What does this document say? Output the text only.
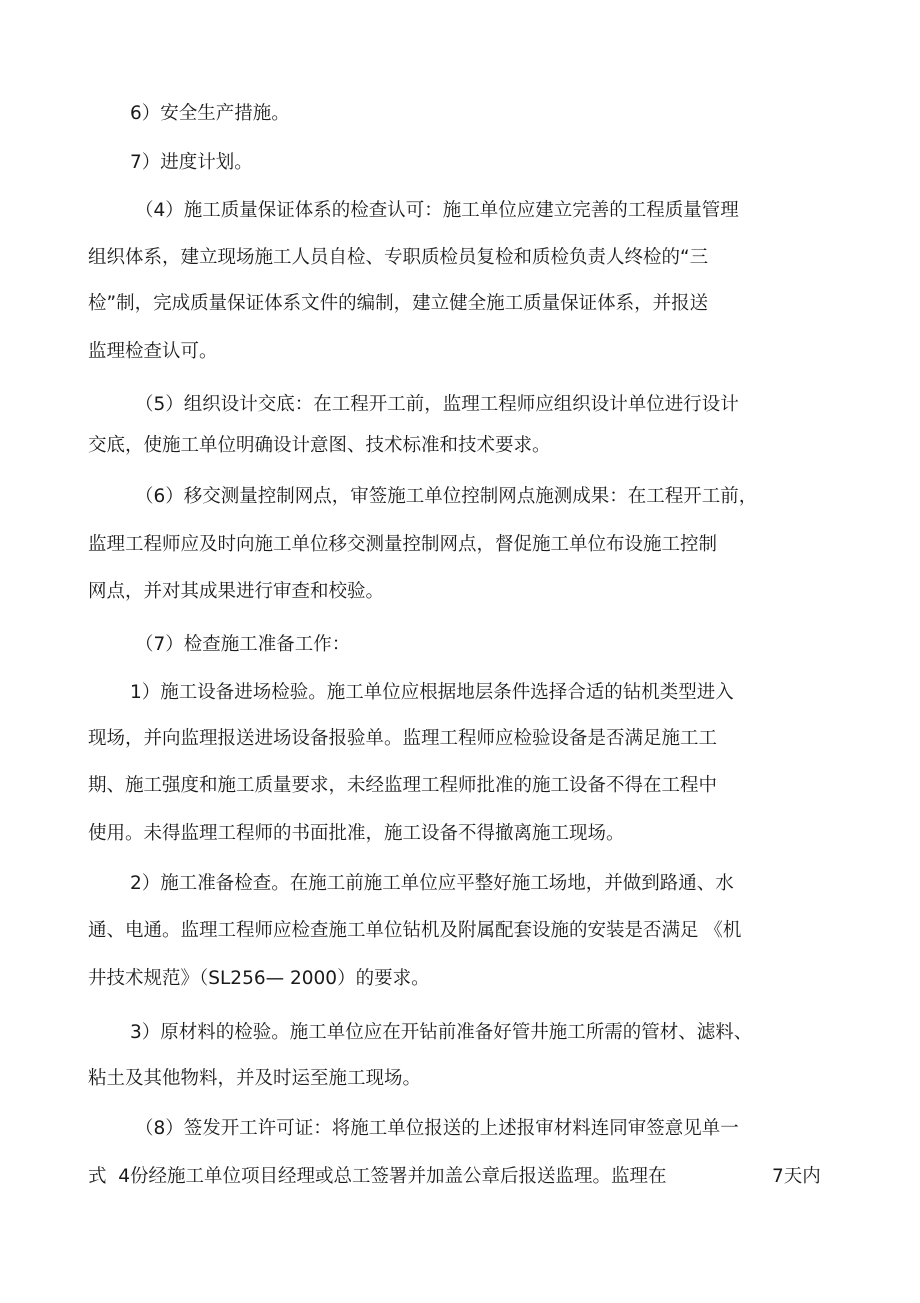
6）安全生产措施。
7）进度计划。
（4）施工质量保证体系的检查认可：施工单位应建立完善的工程质量管理
组织体系，建立现场施工人员自检、专职质检员复检和质检负责人终检的“三
检”制，完成质量保证体系文件的编制，建立健全施工质量保证体系，并报送
监理检查认可。
（5）组织设计交底：在工程开工前，监理工程师应组织设计单位进行设计
交底，使施工单位明确设计意图、技术标准和技术要求。
（6）移交测量控制网点，审签施工单位控制网点施测成果：在工程开工前，
监理工程师应及时向施工单位移交测量控制网点，督促施工单位布设施工控制
网点，并对其成果进行审查和校验。
（7）检查施工准备工作：
1）施工设备进场检验。施工单位应根据地层条件选择合适的钻机类型进入
现场，并向监理报送进场设备报验单。监理工程师应检验设备是否满足施工工
期、施工强度和施工质量要求，未经监理工程师批准的施工设备不得在工程中
使用。未得监理工程师的书面批准，施工设备不得撤离施工现场。
2）施工准备检查。在施工前施工单位应平整好施工场地，并做到路通、水
通、电通。监理工程师应检查施工单位钻机及附属配套设施的安装是否满足 《机
井技术规范》（SL256— 2000）的要求。
3）原材料的检验。施工单位应在开钻前准备好管井施工所需的管材、滤料、
粘土及其他物料，并及时运至施工现场。
（8）签发开工许可证：将施工单位报送的上述报审材料连同审签意见单一
式  4份经施工单位项目经理或总工签署并加盖公章后报送监理。监理在	7天内
